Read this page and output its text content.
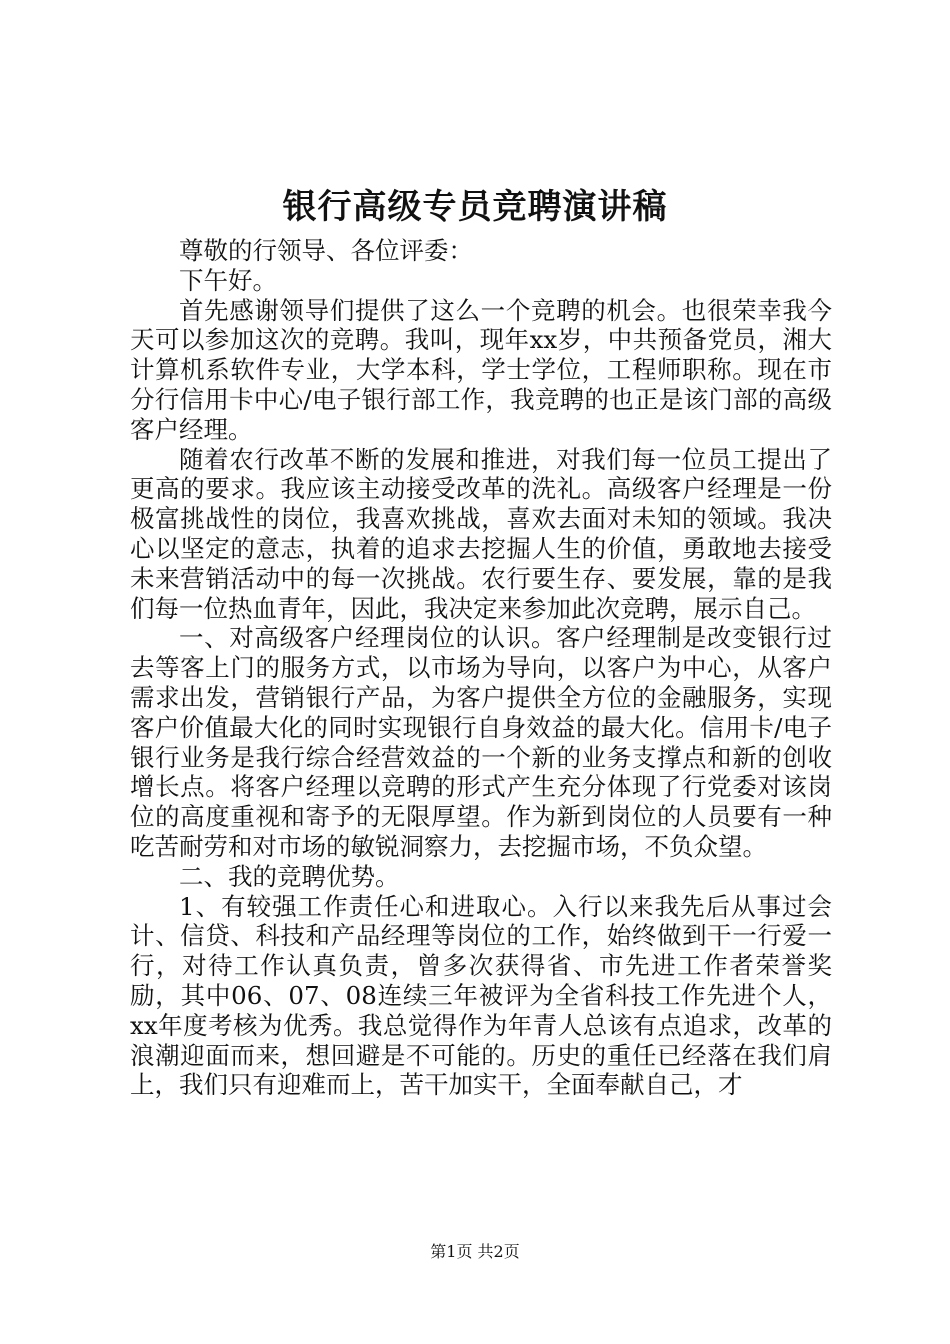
银行高级专员竞聘演讲稿

尊敬的行领导、各位评委：

下午好。

首先感谢领导们提供了这么一个竞聘的机会。也很荣幸我今天可以参加这次的竞聘。我叫，现年xx岁，中共预备党员，湘大计算机系软件专业，大学本科，学士学位，工程师职称。现在市分行信用卡中心/电子银行部工作，我竞聘的也正是该门部的高级客户经理。

随着农行改革不断的发展和推进，对我们每一位员工提出了更高的要求。我应该主动接受改革的洗礼。高级客户经理是一份极富挑战性的岗位，我喜欢挑战，喜欢去面对未知的领域。我决心以坚定的意志，执着的追求去挖掘人生的价值，勇敢地去接受未来营销活动中的每一次挑战。农行要生存、要发展，靠的是我们每一位热血青年，因此，我决定来参加此次竞聘，展示自己。

一、对高级客户经理岗位的认识。客户经理制是改变银行过去等客上门的服务方式，以市场为导向，以客户为中心，从客户需求出发，营销银行产品，为客户提供全方位的金融服务，实现客户价值最大化的同时实现银行自身效益的最大化。信用卡/电子银行业务是我行综合经营效益的一个新的业务支撑点和新的创收增长点。将客户经理以竞聘的形式产生充分体现了行党委对该岗位的高度重视和寄予的无限厚望。作为新到岗位的人员要有一种吃苦耐劳和对市场的敏锐洞察力，去挖掘市场，不负众望。

二、我的竞聘优势。

1、有较强工作责任心和进取心。入行以来我先后从事过会计、信贷、科技和产品经理等岗位的工作，始终做到干一行爱一行，对待工作认真负责，曾多次获得省、市先进工作者荣誉奖励，其中06、07、08连续三年被评为全省科技工作先进个人，xx年度考核为优秀。我总觉得作为年青人总该有点追求，改革的浪潮迎面而来，想回避是不可能的。历史的重任已经落在我们肩上，我们只有迎难而上，苦干加实干，全面奉献自己，才

第1页 共2页
